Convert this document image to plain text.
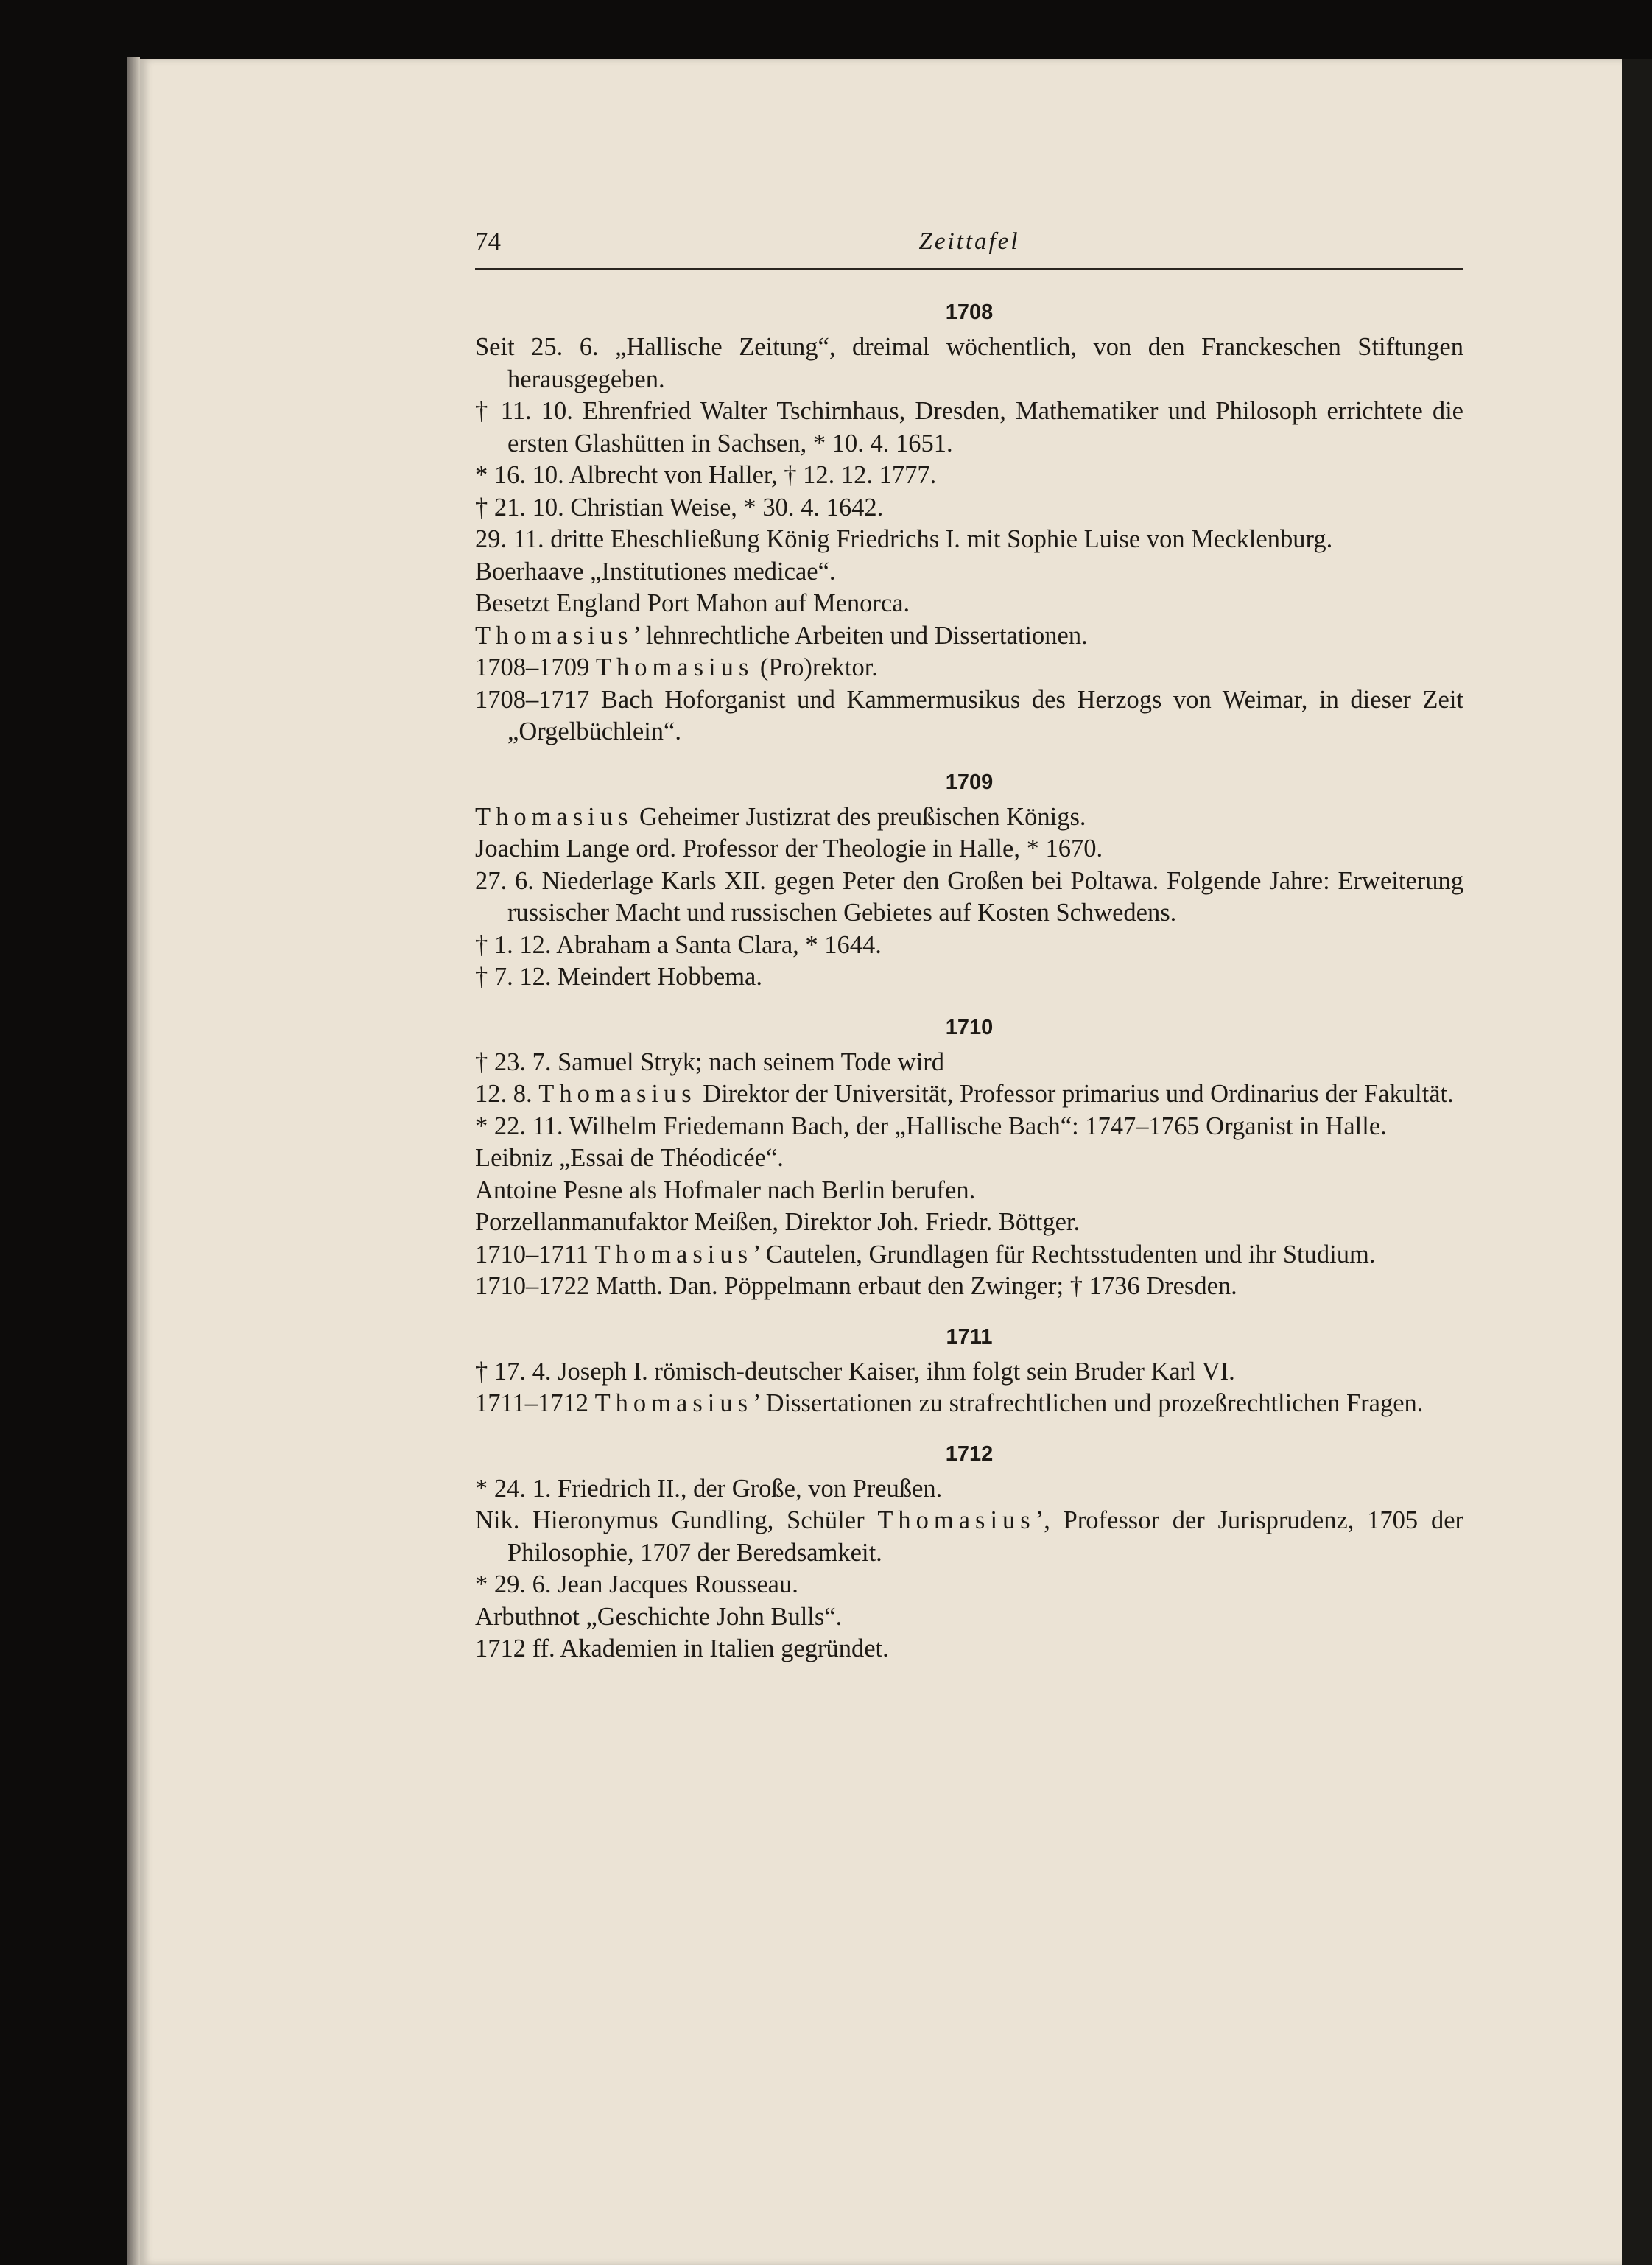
74	Zeittafel
1708
Seit 25. 6. „Hallische Zeitung“, dreimal wöchentlich, von den Franckeschen Stiftungen herausgegeben.
† 11. 10. Ehrenfried Walter Tschirnhaus, Dresden, Mathematiker und Philosoph errichtete die ersten Glashütten in Sachsen, * 10. 4. 1651.
* 16. 10. Albrecht von Haller, † 12. 12. 1777.
† 21. 10. Christian Weise, * 30. 4. 1642.
29. 11. dritte Eheschließung König Friedrichs I. mit Sophie Luise von Mecklenburg.
Boerhaave „Institutiones medicae“.
Besetzt England Port Mahon auf Menorca.
Thomasius’ lehnrechtliche Arbeiten und Dissertationen.
1708–1709 Thomasius (Pro)rektor.
1708–1717 Bach Hoforganist und Kammermusikus des Herzogs von Weimar, in dieser Zeit „Orgelbüchlein“.
1709
Thomasius Geheimer Justizrat des preußischen Königs.
Joachim Lange ord. Professor der Theologie in Halle, * 1670.
27. 6. Niederlage Karls XII. gegen Peter den Großen bei Poltawa. Folgende Jahre: Erweiterung russischer Macht und russischen Gebietes auf Kosten Schwedens.
† 1. 12. Abraham a Santa Clara, * 1644.
† 7. 12. Meindert Hobbema.
1710
† 23. 7. Samuel Stryk; nach seinem Tode wird
12. 8. Thomasius Direktor der Universität, Professor primarius und Ordinarius der Fakultät.
* 22. 11. Wilhelm Friedemann Bach, der „Hallische Bach“: 1747–1765 Organist in Halle.
Leibniz „Essai de Théodicée“.
Antoine Pesne als Hofmaler nach Berlin berufen.
Porzellanmanufaktor Meißen, Direktor Joh. Friedr. Böttger.
1710–1711 Thomasius’ Cautelen, Grundlagen für Rechtsstudenten und ihr Studium.
1710–1722 Matth. Dan. Pöppelmann erbaut den Zwinger; † 1736 Dresden.
1711
† 17. 4. Joseph I. römisch-deutscher Kaiser, ihm folgt sein Bruder Karl VI.
1711–1712 Thomasius’ Dissertationen zu strafrechtlichen und prozeßrechtlichen Fragen.
1712
* 24. 1. Friedrich II., der Große, von Preußen.
Nik. Hieronymus Gundling, Schüler Thomasius’, Professor der Jurisprudenz, 1705 der Philosophie, 1707 der Beredsamkeit.
* 29. 6. Jean Jacques Rousseau.
Arbuthnot „Geschichte John Bulls“.
1712 ff. Akademien in Italien gegründet.
